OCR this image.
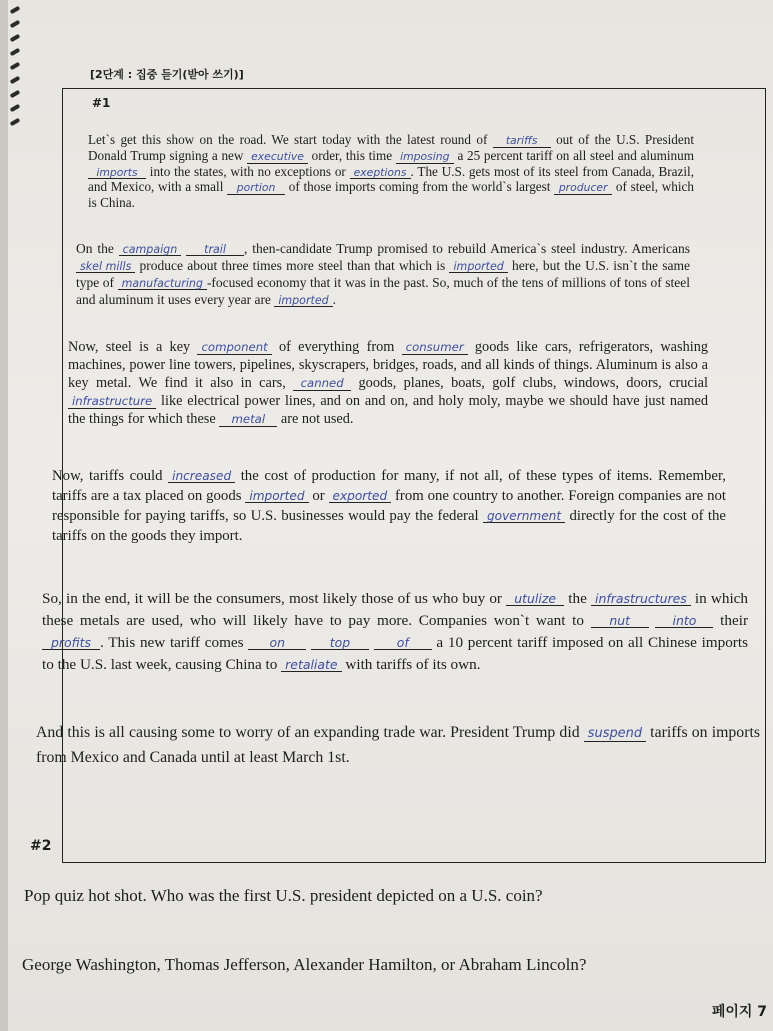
[2단계 : 집중 듣기(받아 쓰기)]
#1

Let`s get this show on the road. We start today with the latest round of tariffs out of the U.S. President Donald Trump signing a new executive order, this time imposing a 25 percent tariff on all steel and aluminum imports into the states, with no exceptions or exeptions . The U.S. gets most of its steel from Canada, Brazil, and Mexico, with a small portion of those imports coming from the world`s largest producer of steel, which is China.

On the campaign trail , then-candidate Trump promised to rebuild America`s steel industry. Americans skel mills produce about three times more steel than that which is imported here, but the U.S. isn`t the same type of manufacturing -focused economy that it was in the past. So, much of the tens of millions of tons of steel and aluminum it uses every year are imported .

Now, steel is a key component of everything from consumer goods like cars, refrigerators, washing machines, power line towers, pipelines, skyscrapers, bridges, roads, and all kinds of things. Aluminum is also a key metal. We find it also in cars, canned goods, planes, boats, golf clubs, windows, doors, crucial infrastructure like electrical power lines, and on and on, and holy moly, maybe we should have just named the things for which these metal are not used.

Now, tariffs could increased the cost of production for many, if not all, of these types of items. Remember, tariffs are a tax placed on goods imported or exported from one country to another. Foreign companies are not responsible for paying tariffs, so U.S. businesses would pay the federal government directly for the cost of the tariffs on the goods they import.

So, in the end, it will be the consumers, most likely those of us who buy or utulize the infrastructures in which these metals are used, who will likely have to pay more. Companies won`t want to nut	into their profits . This new tariff comes on	top	of a 10 percent tariff imposed on all Chinese imports to the U.S. last week, causing China to retaliate with tariffs of its own.

And this is all causing some to worry of an expanding trade war. President Trump did suspend tariffs on imports from Mexico and Canada until at least March 1st.

#2

Pop quiz hot shot. Who was the first U.S. president depicted on a U.S. coin?

George Washington, Thomas Jefferson, Alexander Hamilton, or Abraham Lincoln?

페이지 7
